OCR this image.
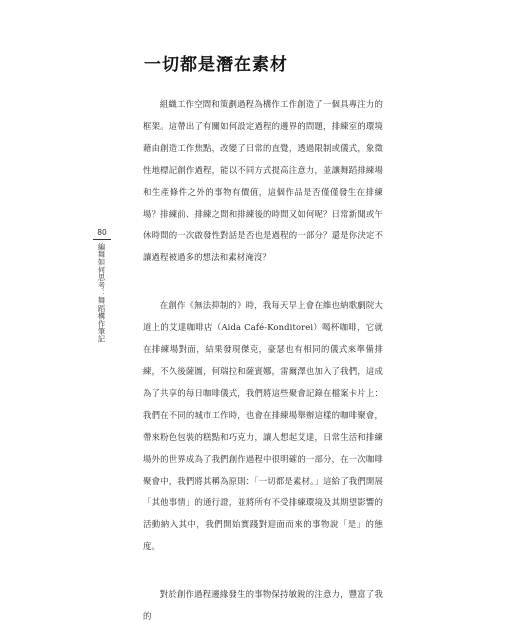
一切都是潛在素材
80
編舞如何思考：舞蹈構作筆記

組織工作空間和策劃過程為構作工作創造了一個具專注力的框架。這帶出了有關如何設定過程的邊界的問題，排練室的環境藉由創造工作焦點，改變了日常的直覺，透過限制或儀式，象徵性地標記創作過程，能以不同方式提高注意力，並讓舞蹈排練場和生產條件之外的事物有價值，這個作品是否僅僅發生在排練場？排練前、排練之間和排練後的時間又如何呢？日常新聞或午休時間的一次啟發性對話是否也是過程的一部分？還是你決定不讓過程被過多的想法和素材淹沒？

在創作《無法抑制的》時，我每天早上會在維也納歌劇院大道上的艾達咖啡店（Aida Café-Konditorei）喝杯咖啡，它就在排練場對面，結果發現傑克，豪瑟也有相同的儀式來準備排練，不久後薩圖，何瑞拉和薩賓娜，雷爾澤也加入了我們，這成為了共享的每日咖啡儀式，我們將這些聚會記錄在檔案卡片上：我們在不同的城市工作時，也會在排練場舉辦這樣的咖啡聚會，帶來粉色包裝的糕點和巧克力，讓人想起艾達，日常生活和排練場外的世界成為了我們創作過程中很明確的一部分，在一次咖啡聚會中，我們將其稱為原則：「一切都是素材。」這給了我們開展「其他事情」的通行證，並將所有不受排練環境及其期望影響的活動納入其中，我們開始實踐對迎面而來的事物說「是」的態度。

對於創作過程邊緣發生的事物保持敏銳的注意力，豐富了我的
